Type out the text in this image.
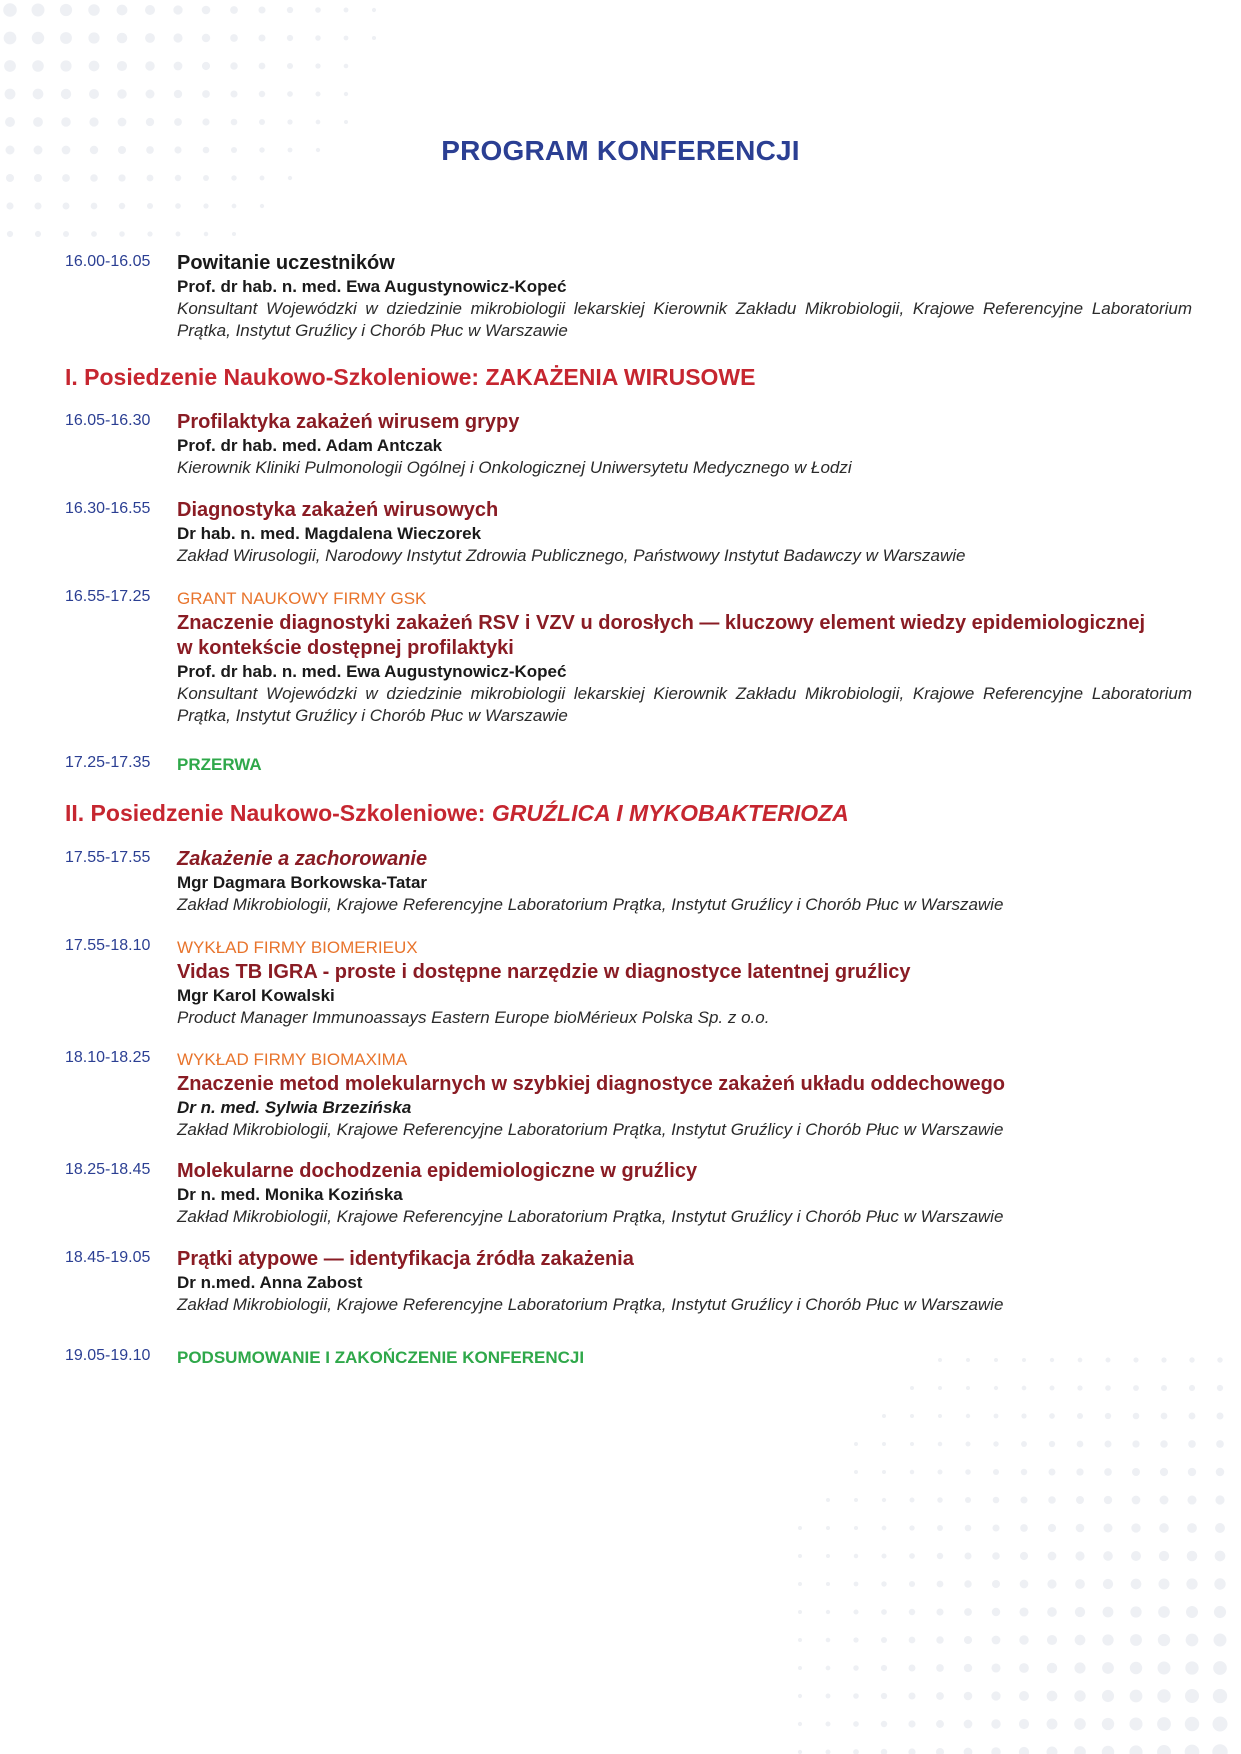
PROGRAM KONFERENCJI
16.00-16.05	Powitanie uczestników
Prof. dr hab. n. med. Ewa Augustynowicz-Kopeć
Konsultant Wojewódzki w dziedzinie mikrobiologii lekarskiej Kierownik Zakładu Mikrobiologii, Krajowe Referencyjne Laboratorium Prątka, Instytut Gruźlicy i Chorób Płuc w Warszawie
I. Posiedzenie Naukowo-Szkoleniowe: ZAKAŻENIA WIRUSOWE
16.05-16.30	Profilaktyka zakażeń wirusem grypy
Prof. dr hab. med. Adam Antczak
Kierownik Kliniki Pulmonologii Ogólnej i Onkologicznej Uniwersytetu Medycznego w Łodzi
16.30-16.55	Diagnostyka zakażeń wirusowych
Dr hab. n. med. Magdalena Wieczorek
Zakład Wirusologii, Narodowy Instytut Zdrowia Publicznego, Państwowy Instytut Badawczy w Warszawie
16.55-17.25	GRANT NAUKOWY FIRMY GSK
Znaczenie diagnostyki zakażeń RSV i VZV u dorosłych — kluczowy element wiedzy epidemiologicznej
w kontekście dostępnej profilaktyki
Prof. dr hab. n. med. Ewa Augustynowicz-Kopeć
Konsultant Wojewódzki w dziedzinie mikrobiologii lekarskiej Kierownik Zakładu Mikrobiologii, Krajowe Referencyjne Laboratorium Prątka, Instytut Gruźlicy i Chorób Płuc w Warszawie
17.25-17.35	PRZERWA
II. Posiedzenie Naukowo-Szkoleniowe: GRUŹLICA I MYKOBAKTERIOZA
17.55-17.55	Zakażenie a zachorowanie
Mgr Dagmara Borkowska-Tatar
Zakład Mikrobiologii, Krajowe Referencyjne Laboratorium Prątka, Instytut Gruźlicy i Chorób Płuc w Warszawie
17.55-18.10	WYKŁAD FIRMY BIOMERIEUX
Vidas TB IGRA - proste i dostępne narzędzie w diagnostyce latentnej gruźlicy
Mgr Karol Kowalski
Product Manager Immunoassays Eastern Europe bioMérieux Polska Sp. z o.o.
18.10-18.25	WYKŁAD FIRMY BIOMAXIMA
Znaczenie metod molekularnych w szybkiej diagnostyce zakażeń układu oddechowego
Dr n. med. Sylwia Brzezińska
Zakład Mikrobiologii, Krajowe Referencyjne Laboratorium Prątka, Instytut Gruźlicy i Chorób Płuc w Warszawie
18.25-18.45	Molekularne dochodzenia epidemiologiczne w gruźlicy
Dr n. med. Monika Kozińska
Zakład Mikrobiologii, Krajowe Referencyjne Laboratorium Prątka, Instytut Gruźlicy i Chorób Płuc w Warszawie
18.45-19.05	Prątki atypowe — identyfikacja źródła zakażenia
Dr n.med. Anna Zabost
Zakład Mikrobiologii, Krajowe Referencyjne Laboratorium Prątka, Instytut Gruźlicy i Chorób Płuc w Warszawie
19.05-19.10	PODSUMOWANIE I ZAKOŃCZENIE KONFERENCJI
